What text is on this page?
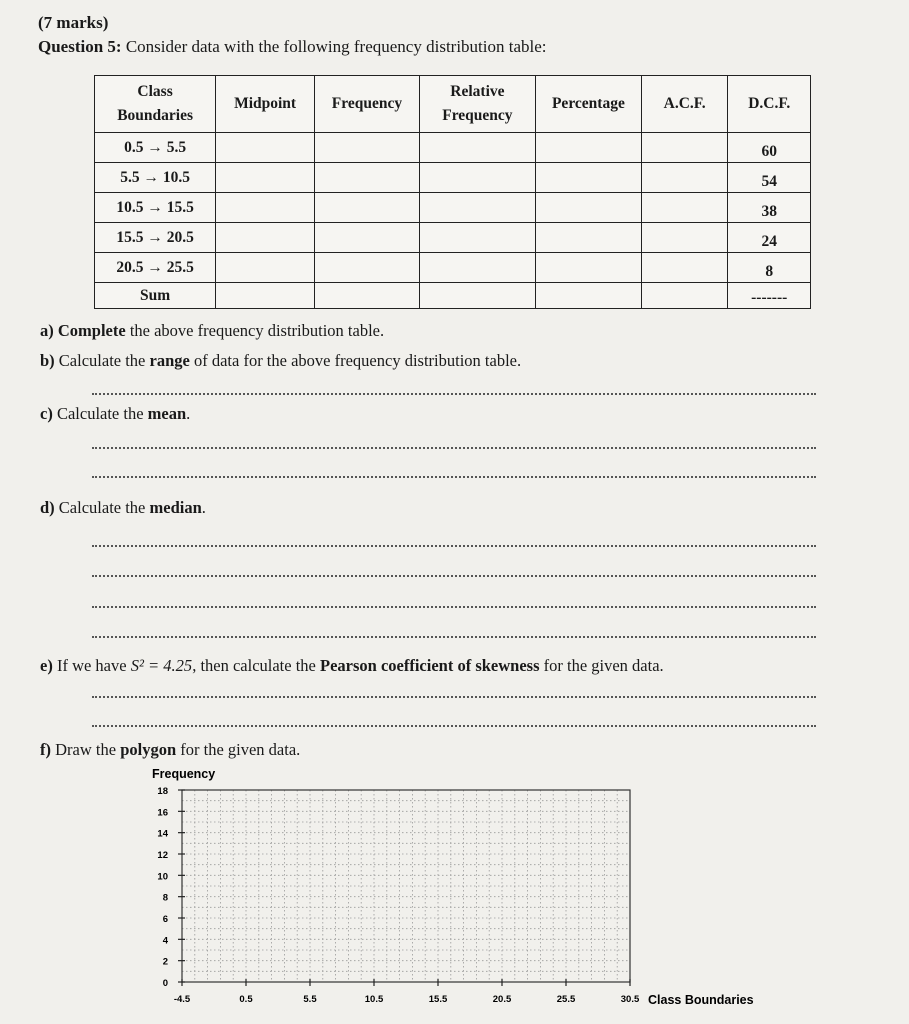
(7 marks)
Question 5: Consider data with the following frequency distribution table:
Class Boundaries	Midpoint	Frequency	Relative Frequency	Percentage	A.C.F.	D.C.F.
0.5 → 5.5						60
5.5 → 10.5						54
10.5 → 15.5						38
15.5 → 20.5						24
20.5 → 25.5						8
Sum						-------
a) Complete the above frequency distribution table.
b) Calculate the range of data for the above frequency distribution table.
c) Calculate the mean.
d) Calculate the median.
e) If we have S² = 4.25, then calculate the Pearson coefficient of skewness for the given data.
f) Draw the polygon for the given data.
Frequency
Class Boundaries
0
2
4
6
8
10
12
14
16
18
-4.5	0.5	5.5	10.5	15.5	20.5	25.5	30.5
